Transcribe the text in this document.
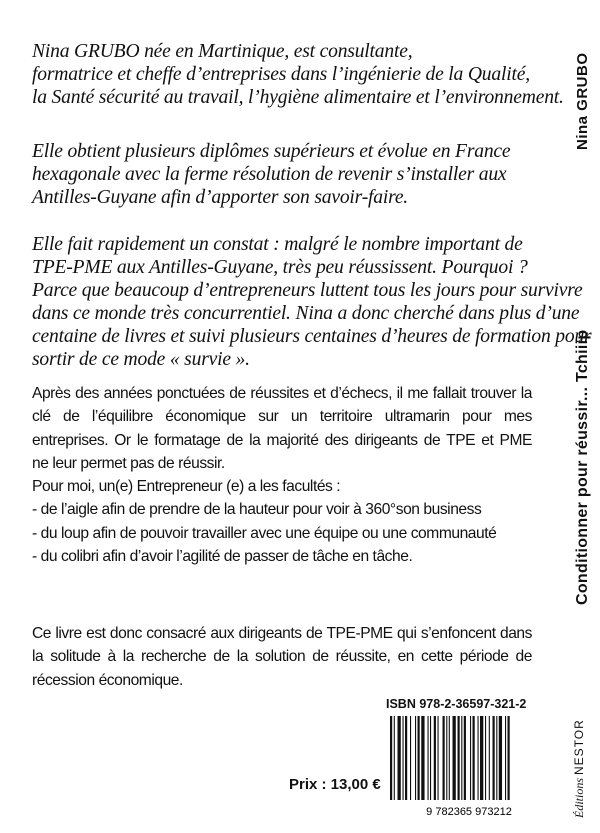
Nina GRUBO née en Martinique, est consultante,
formatrice et cheffe d’entreprises dans l’ingénierie de la Qualité,
la Santé sécurité au travail, l’hygiène alimentaire et l’environnement.
Elle obtient plusieurs diplômes supérieurs et évolue en France
hexagonale avec la ferme résolution de revenir s’installer aux
Antilles-Guyane afin d’apporter son savoir-faire.
Elle fait rapidement un constat : malgré le nombre important de
TPE-PME aux Antilles-Guyane, très peu réussissent. Pourquoi ?
Parce que beaucoup d’entrepreneurs luttent tous les jours pour survivre
dans ce monde très concurrentiel. Nina a donc cherché dans plus d’une
centaine de livres et suivi plusieurs centaines d’heures de formation pour
sortir de ce mode « survie ».
Après des années ponctuées de réussites et d’échecs, il me fallait trouver la
clé de l’équilibre économique sur un territoire ultramarin pour mes
entreprises. Or le formatage de la majorité des dirigeants de TPE et PME
ne leur permet pas de réussir.
Pour moi, un(e) Entrepreneur (e) a les facultés :
- de l’aigle afin de prendre de la hauteur pour voir à 360°son business
- du loup afin de pouvoir travailler avec une équipe ou une communauté
- du colibri afin d’avoir l’agilité de passer de tâche en tâche.
Ce livre est donc consacré aux dirigeants de TPE-PME qui s’enfoncent dans
la solitude à la recherche de la solution de réussite, en cette période de
récession économique.
Nina GRUBO
Conditionner pour réussir... Tchiiip
ISBN 978-2-36597-321-2
9 782365 973212
Prix : 13,00 €	Éditions NESTOR
